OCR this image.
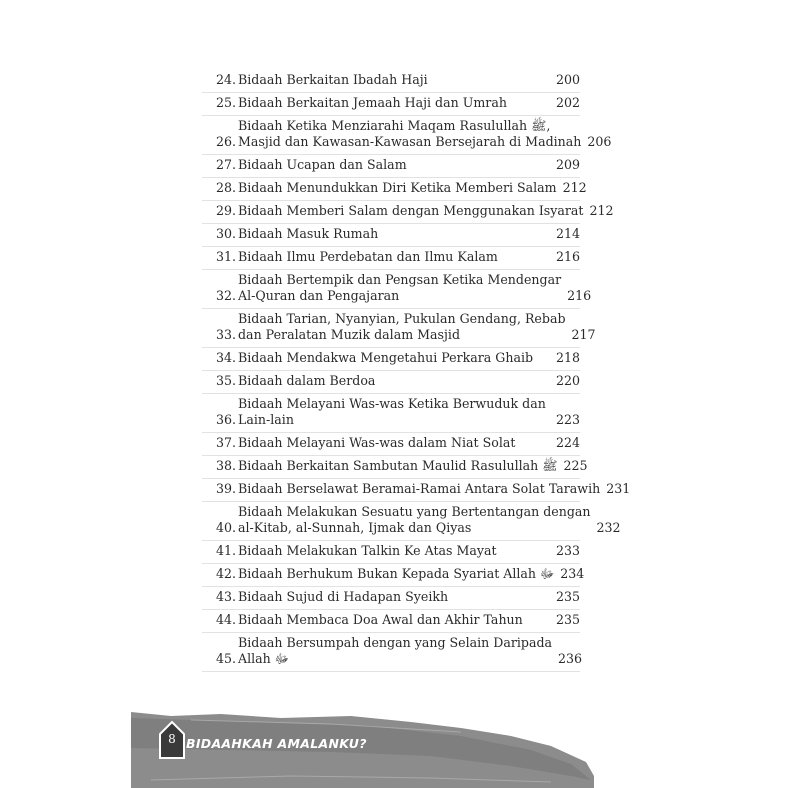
24. Bidaah Berkaitan Ibadah Haji	200
25. Bidaah Berkaitan Jemaah Haji dan Umrah	202
26.
Bidaah Ketika Menziarahi Maqam Rasulullah ﷺ,
Masjid dan Kawasan-Kawasan Bersejarah di Madinah 206
27. Bidaah Ucapan dan Salam	209
28. Bidaah Menundukkan Diri Ketika Memberi Salam 212
29. Bidaah Memberi Salam dengan Menggunakan Isyarat 212
30. Bidaah Masuk Rumah	214
31. Bidaah Ilmu Perdebatan dan Ilmu Kalam	216
32.
Bidaah Bertempik dan Pengsan Ketika Mendengar
Al-Quran dan Pengajaran	216
33.
Bidaah Tarian, Nyanyian, Pukulan Gendang, Rebab
dan Peralatan Muzik dalam Masjid	217
34. Bidaah Mendakwa Mengetahui Perkara Ghaib	218
35. Bidaah dalam Berdoa	220
36.
Bidaah Melayani Was-was Ketika Berwuduk dan
Lain-lain	223
37. Bidaah Melayani Was-was dalam Niat Solat	224
38. Bidaah Berkaitan Sambutan Maulid Rasulullah ﷺ 225
39. Bidaah Berselawat Beramai-Ramai Antara Solat Tarawih 231
40.
Bidaah Melakukan Sesuatu yang Bertentangan dengan
al-Kitab, al-Sunnah, Ijmak dan Qiyas	232
41. Bidaah Melakukan Talkin Ke Atas Mayat	233
42. Bidaah Berhukum Bukan Kepada Syariat Allah ﷻ 234
43. Bidaah Sujud di Hadapan Syeikh	235
44. Bidaah Membaca Doa Awal dan Akhir Tahun	235
45.
Bidaah Bersumpah dengan yang Selain Daripada
Allah ﷻ	236
8 BIDAAHKAH AMALANKU?
